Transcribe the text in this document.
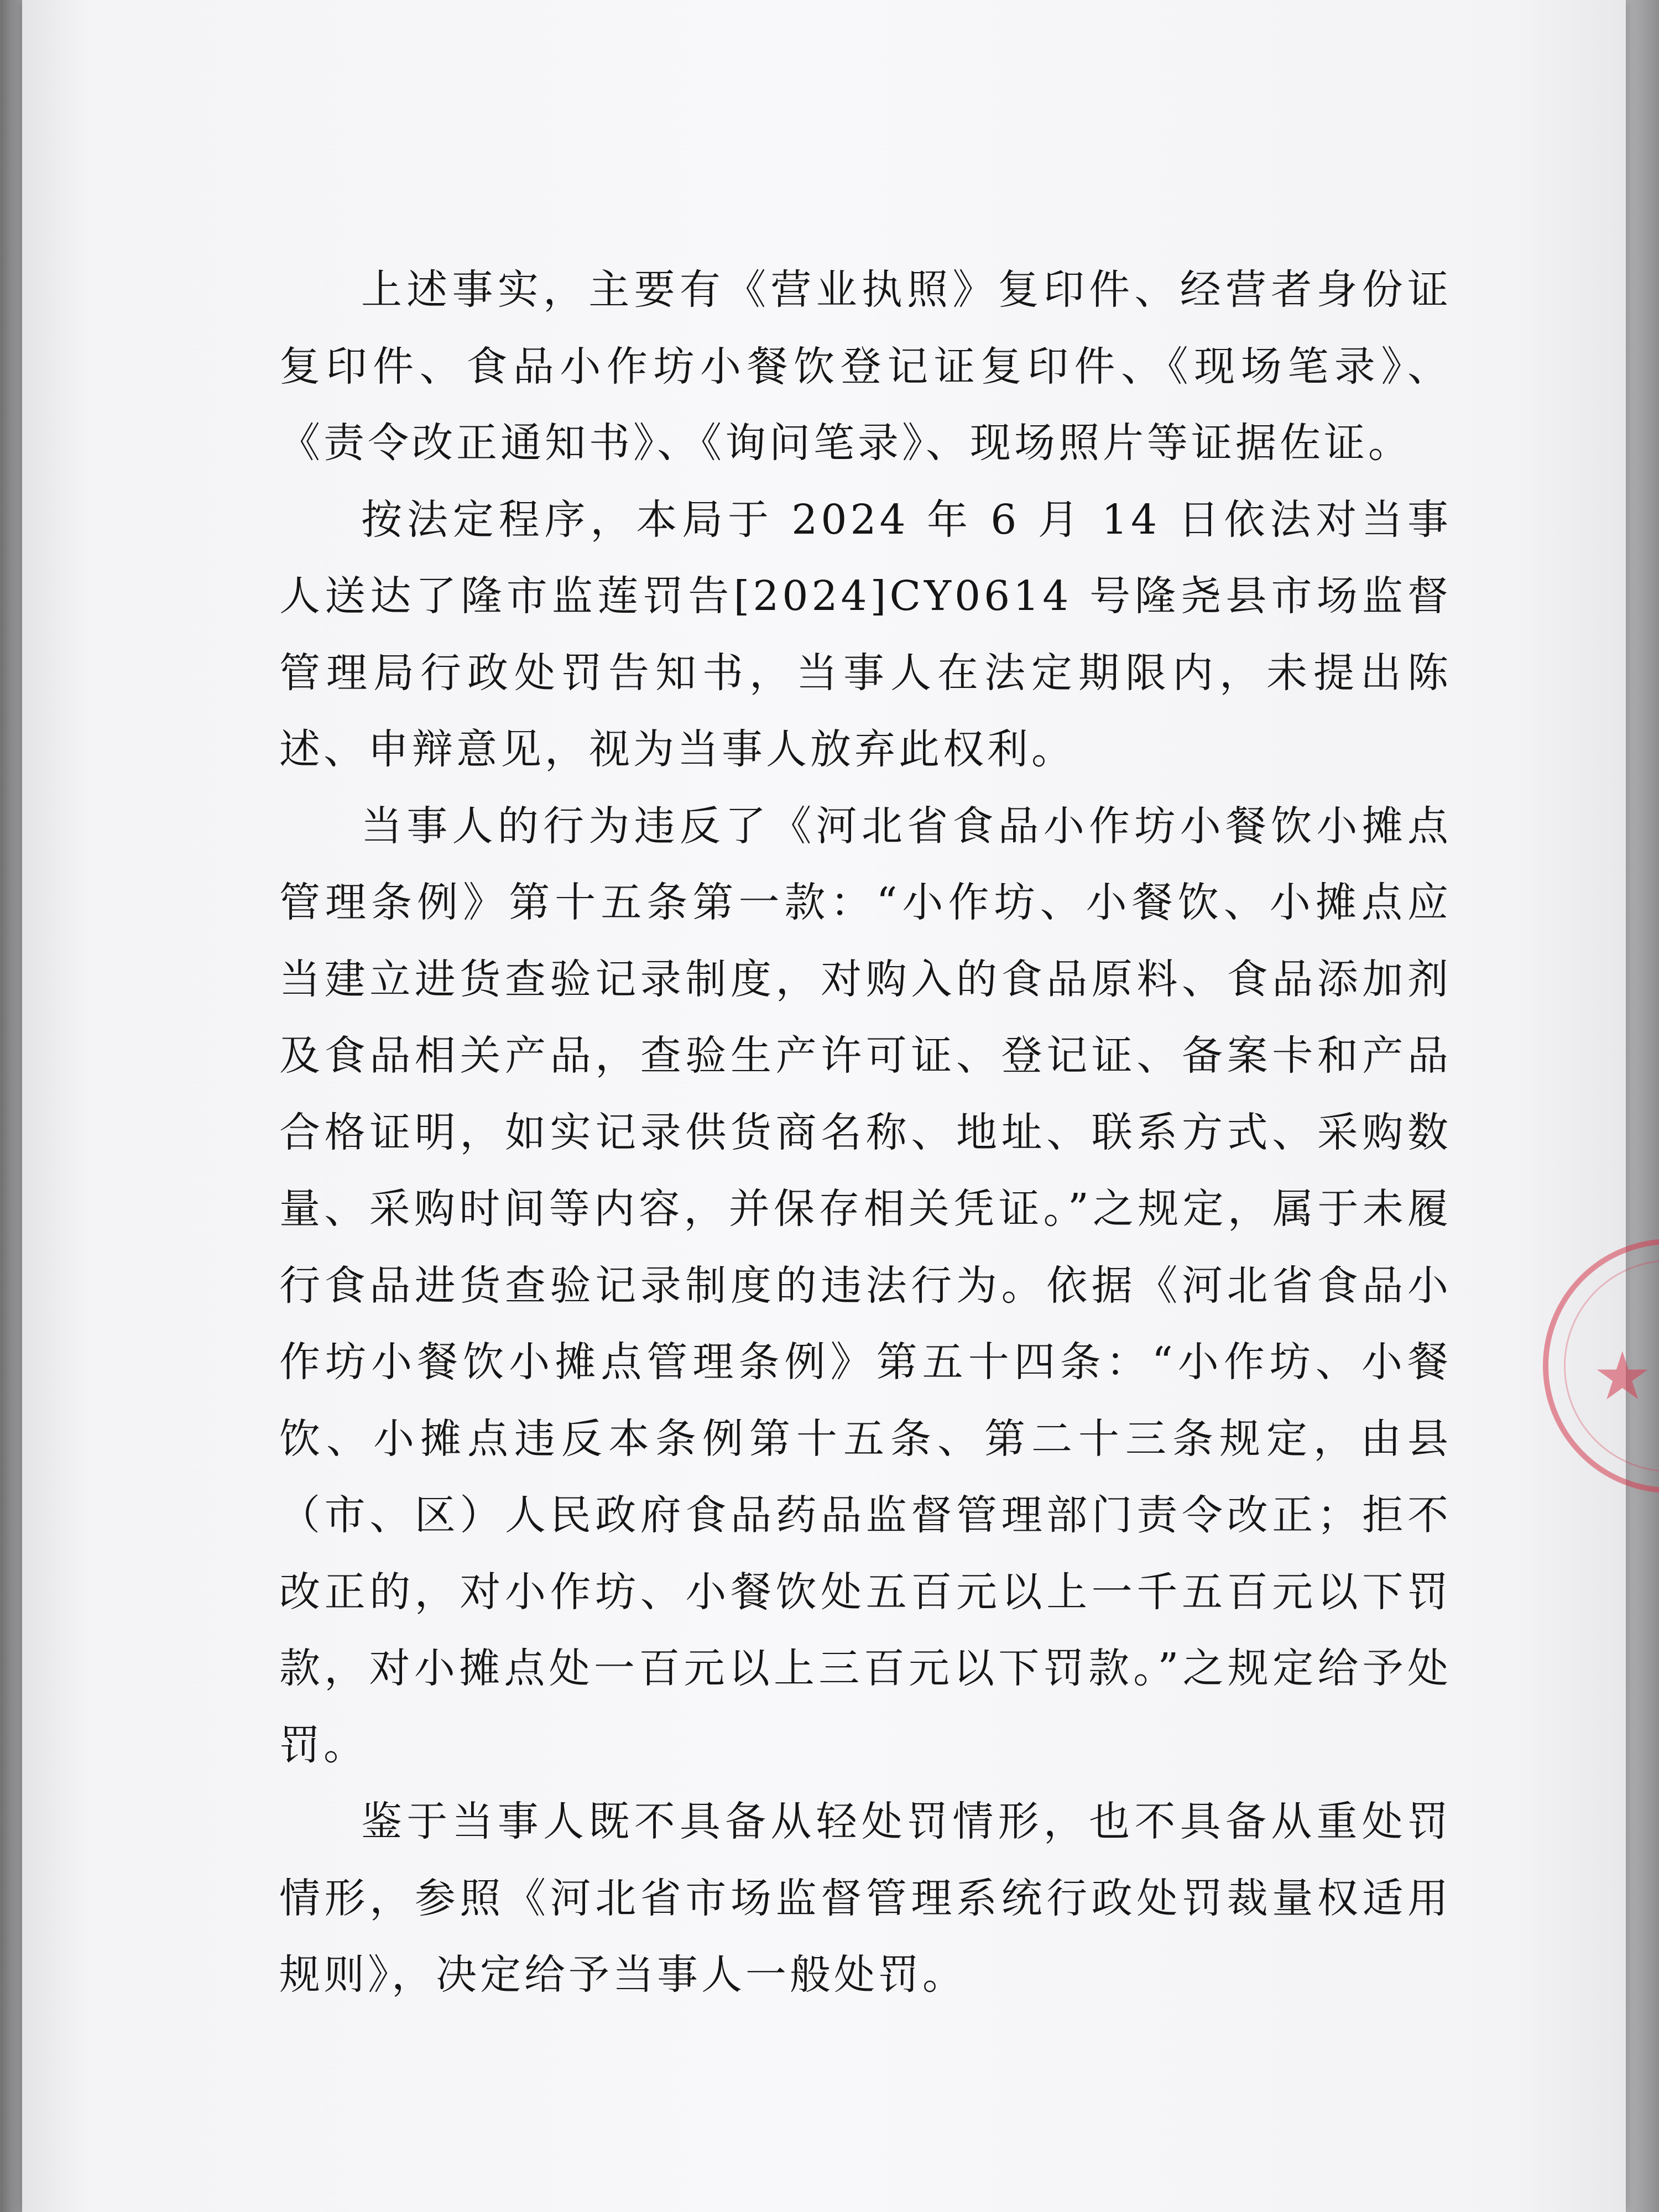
上述事实，主要有《营业执照》复印件、经营者身份证复印件、食品小作坊小餐饮登记证复印件、《现场笔录》、《责令改正通知书》、《询问笔录》、现场照片等证据佐证。

按法定程序，本局于 2024 年 6 月 14 日依法对当事人送达了隆市监莲罚告[2024]CY0614 号隆尧县市场监督管理局行政处罚告知书，当事人在法定期限内，未提出陈述、申辩意见，视为当事人放弃此权利。

当事人的行为违反了《河北省食品小作坊小餐饮小摊点管理条例》第十五条第一款：“小作坊、小餐饮、小摊点应当建立进货查验记录制度，对购入的食品原料、食品添加剂及食品相关产品，查验生产许可证、登记证、备案卡和产品合格证明，如实记录供货商名称、地址、联系方式、采购数量、采购时间等内容，并保存相关凭证。”之规定，属于未履行食品进货查验记录制度的违法行为。依据《河北省食品小作坊小餐饮小摊点管理条例》第五十四条：“小作坊、小餐饮、小摊点违反本条例第十五条、第二十三条规定，由县（市、区）人民政府食品药品监督管理部门责令改正；拒不改正的，对小作坊、小餐饮处五百元以上一千五百元以下罚款，对小摊点处一百元以上三百元以下罚款。”之规定给予处罚。

鉴于当事人既不具备从轻处罚情形，也不具备从重处罚情形，参照《河北省市场监督管理系统行政处罚裁量权适用规则》，决定给予当事人一般处罚。

★
